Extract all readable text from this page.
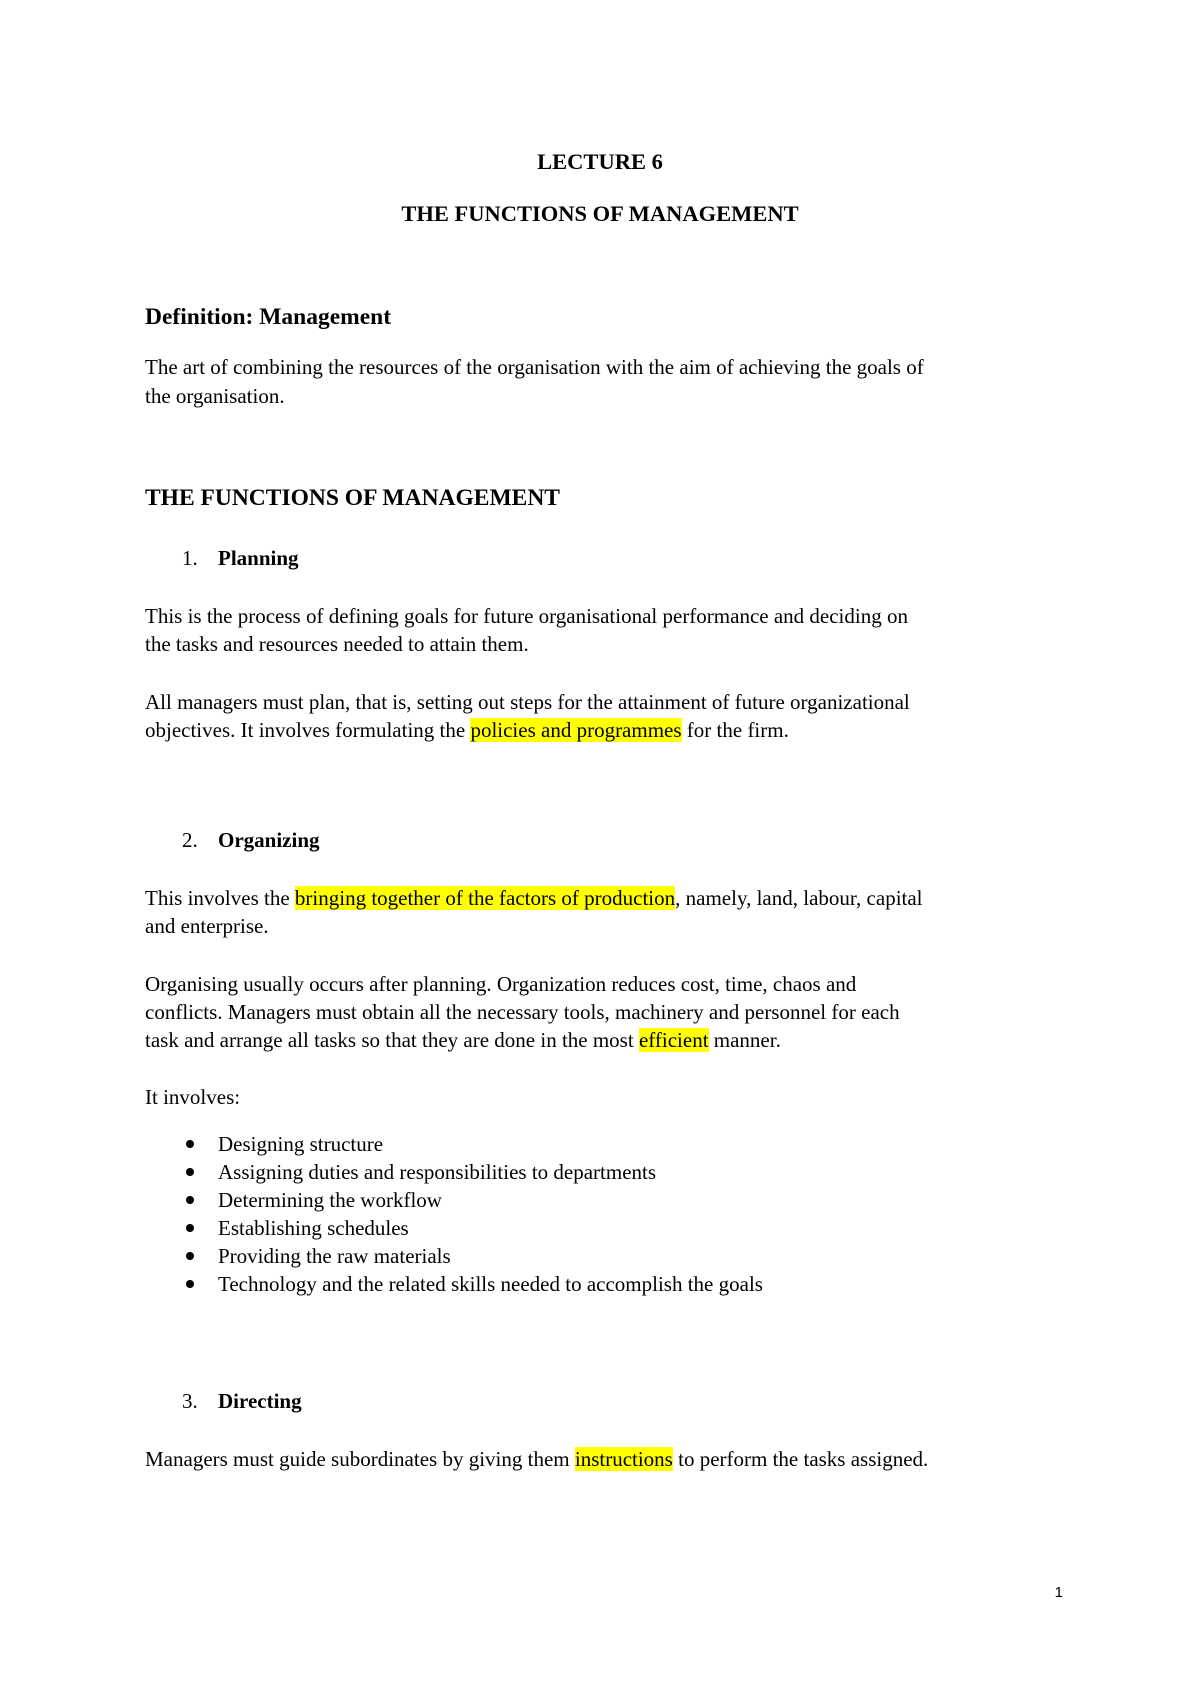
LECTURE 6

THE FUNCTIONS OF MANAGEMENT

Definition: Management

The art of combining the resources of the organisation with the aim of achieving the goals of

the organisation.

THE FUNCTIONS OF MANAGEMENT

1. Planning

This is the process of defining goals for future organisational performance and deciding on

the tasks and resources needed to attain them.

All managers must plan, that is, setting out steps for the attainment of future organizational

objectives. It involves formulating the policies and programmes for the firm.

2. Organizing

This involves the bringing together of the factors of production, namely, land, labour, capital

and enterprise.

Organising usually occurs after planning. Organization reduces cost, time, chaos and

conflicts. Managers must obtain all the necessary tools, machinery and personnel for each

task and arrange all tasks so that they are done in the most efficient manner.

It involves:

Designing structure
Assigning duties and responsibilities to departments
Determining the workflow
Establishing schedules
Providing the raw materials
Technology and the related skills needed to accomplish the goals

3. Directing

Managers must guide subordinates by giving them instructions to perform the tasks assigned.

1
